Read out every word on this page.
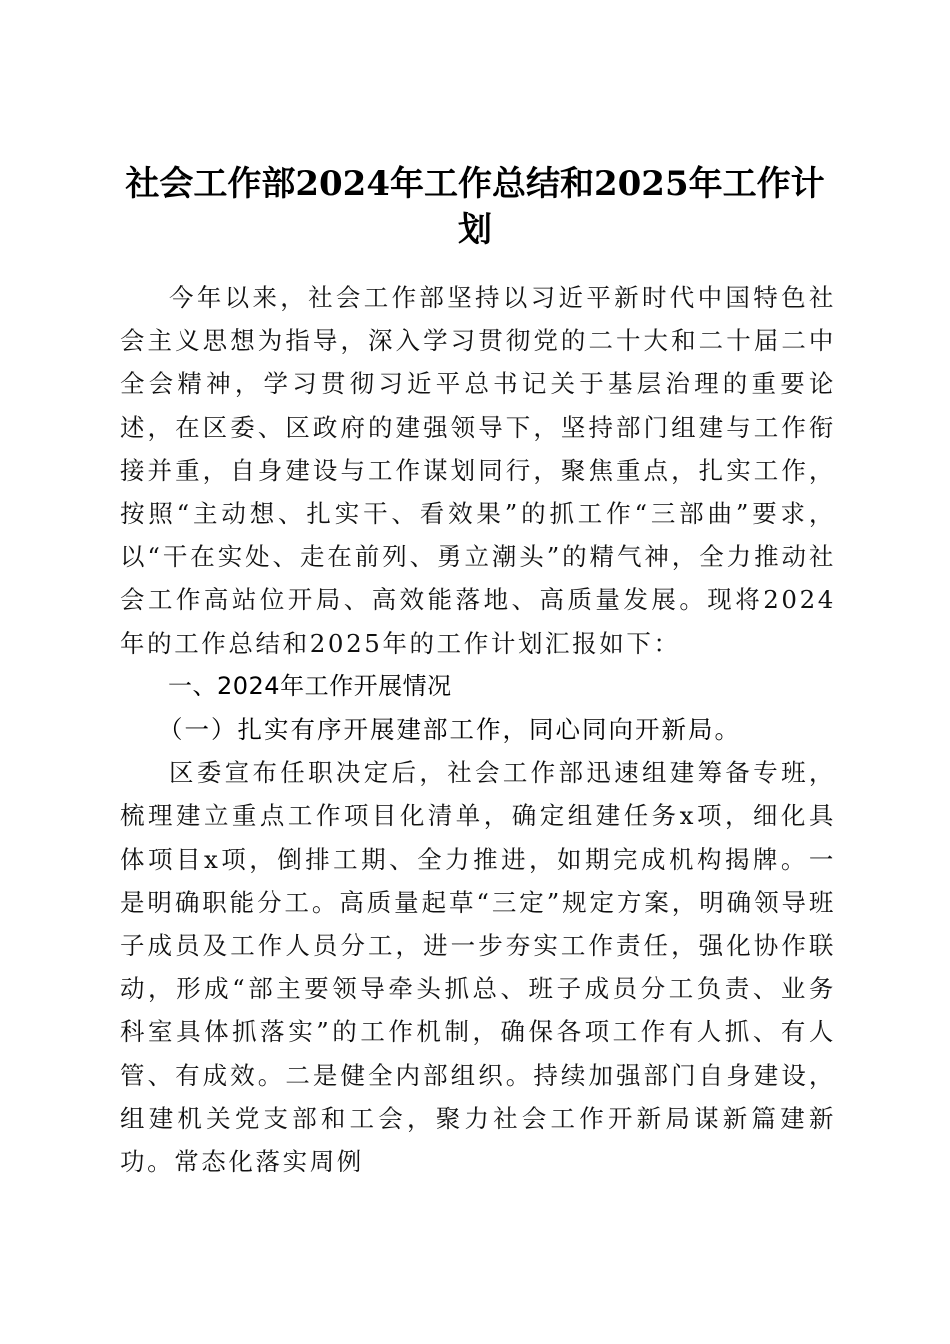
社会工作部2024年工作总结和2025年工作计划

今年以来，社会工作部坚持以习近平新时代中国特色社会主义思想为指导，深入学习贯彻党的二十大和二十届二中全会精神，学习贯彻习近平总书记关于基层治理的重要论述，在区委、区政府的建强领导下，坚持部门组建与工作衔接并重，自身建设与工作谋划同行，聚焦重点，扎实工作，按照“主动想、扎实干、看效果”的抓工作“三部曲”要求，以“干在实处、走在前列、勇立潮头”的精气神，全力推动社会工作高站位开局、高效能落地、高质量发展。现将2024年的工作总结和2025年的工作计划汇报如下：

一、2024年工作开展情况

（一）扎实有序开展建部工作，同心同向开新局。

区委宣布任职决定后，社会工作部迅速组建筹备专班，梳理建立重点工作项目化清单，确定组建任务x项，细化具体项目x项，倒排工期、全力推进，如期完成机构揭牌。一是明确职能分工。高质量起草“三定”规定方案，明确领导班子成员及工作人员分工，进一步夯实工作责任，强化协作联动，形成“部主要领导牵头抓总、班子成员分工负责、业务科室具体抓落实”的工作机制，确保各项工作有人抓、有人管、有成效。二是健全内部组织。持续加强部门自身建设，组建机关党支部和工会，聚力社会工作开新局谋新篇建新功。常态化落实周例
